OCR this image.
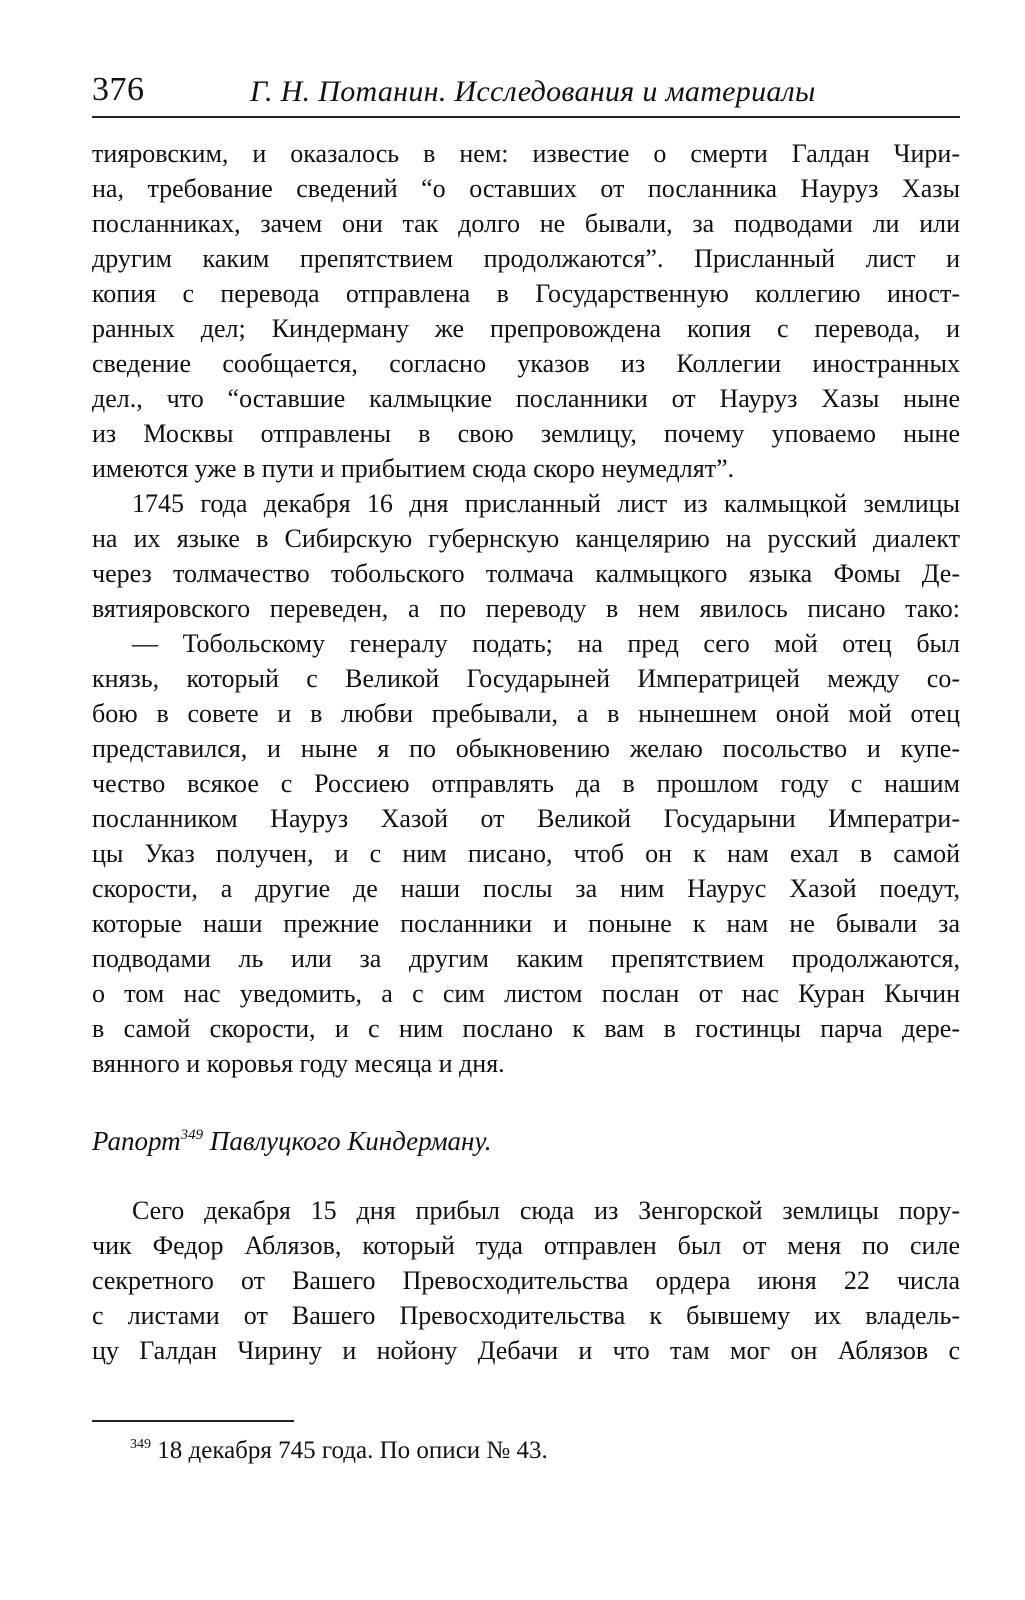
376	Г. Н. Потанин. Исследования и материалы
тияровским, и оказалось в нем: известие о смерти Галдан Чири-
на, требование сведений “о оставших от посланника Науруз Хазы
посланниках, зачем они так долго не бывали, за подводами ли или
другим каким препятствием продолжаются”. Присланный лист и
копия с перевода отправлена в Государственную коллегию иност-
ранных дел; Киндерману же препровождена копия с перевода, и
сведение сообщается, согласно указов из Коллегии иностранных
дел., что “оставшие калмыцкие посланники от Науруз Хазы ныне
из Москвы отправлены в свою землицу, почему уповаемо ныне
имеются уже в пути и прибытием сюда скоро неумедлят”.
1745 года декабря 16 дня присланный лист из калмыцкой землицы
на их языке в Сибирскую губернскую канцелярию на русский диалект
через толмачество тобольского толмача калмыцкого языка Фомы Де-
вятияровского переведен, а по переводу в нем явилось писано тако:
— Тобольскому генералу подать; на пред сего мой отец был
князь, который с Великой Государыней Императрицей между со-
бою в совете и в любви пребывали, а в нынешнем оной мой отец
представился, и ныне я по обыкновению желаю посольство и купе-
чество всякое с Россиею отправлять да в прошлом году с нашим
посланником Науруз Хазой от Великой Государыни Императри-
цы Указ получен, и с ним писано, чтоб он к нам ехал в самой
скорости, а другие де наши послы за ним Наурус Хазой поедут,
которые наши прежние посланники и поныне к нам не бывали за
подводами ль или за другим каким препятствием продолжаются,
о том нас уведомить, а с сим листом послан от нас Куран Кычин
в самой скорости, и с ним послано к вам в гостинцы парча дере-
вянного и коровья году месяца и дня.
Рапорт$^{349}$ Павлуцкого Киндерману.
Сего декабря 15 дня прибыл сюда из Зенгорской землицы пору-
чик Федор Аблязов, который туда отправлен был от меня по силе
секретного от Вашего Превосходительства ордера июня 22 числа
с листами от Вашего Превосходительства к бывшему их владель-
цу Галдан Чирину и нойону Дебачи и что там мог он Аблязов с
$^{349}$ 18 декабря 745 года. По описи № 43.
